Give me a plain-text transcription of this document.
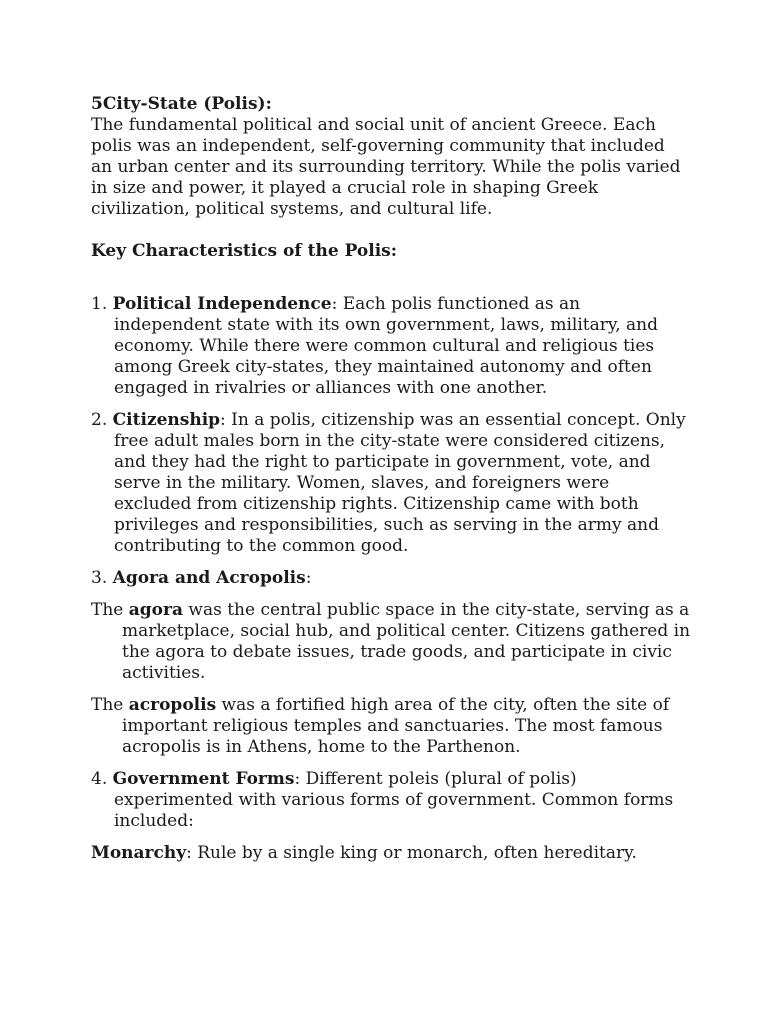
5City-State (Polis):

The fundamental political and social unit of ancient Greece. Each polis was an independent, self-governing community that included an urban center and its surrounding territory. While the polis varied in size and power, it played a crucial role in shaping Greek civilization, political systems, and cultural life.

Key Characteristics of the Polis:

1. Political Independence: Each polis functioned as an independent state with its own government, laws, military, and economy. While there were common cultural and religious ties among Greek city-states, they maintained autonomy and often engaged in rivalries or alliances with one another.

2. Citizenship: In a polis, citizenship was an essential concept. Only free adult males born in the city-state were considered citizens, and they had the right to participate in government, vote, and serve in the military. Women, slaves, and foreigners were excluded from citizenship rights. Citizenship came with both privileges and responsibilities, such as serving in the army and contributing to the common good.

3. Agora and Acropolis:

The agora was the central public space in the city-state, serving as a marketplace, social hub, and political center. Citizens gathered in the agora to debate issues, trade goods, and participate in civic activities.

The acropolis was a fortified high area of the city, often the site of important religious temples and sanctuaries. The most famous acropolis is in Athens, home to the Parthenon.

4. Government Forms: Different poleis (plural of polis) experimented with various forms of government. Common forms included:

Monarchy: Rule by a single king or monarch, often hereditary.
